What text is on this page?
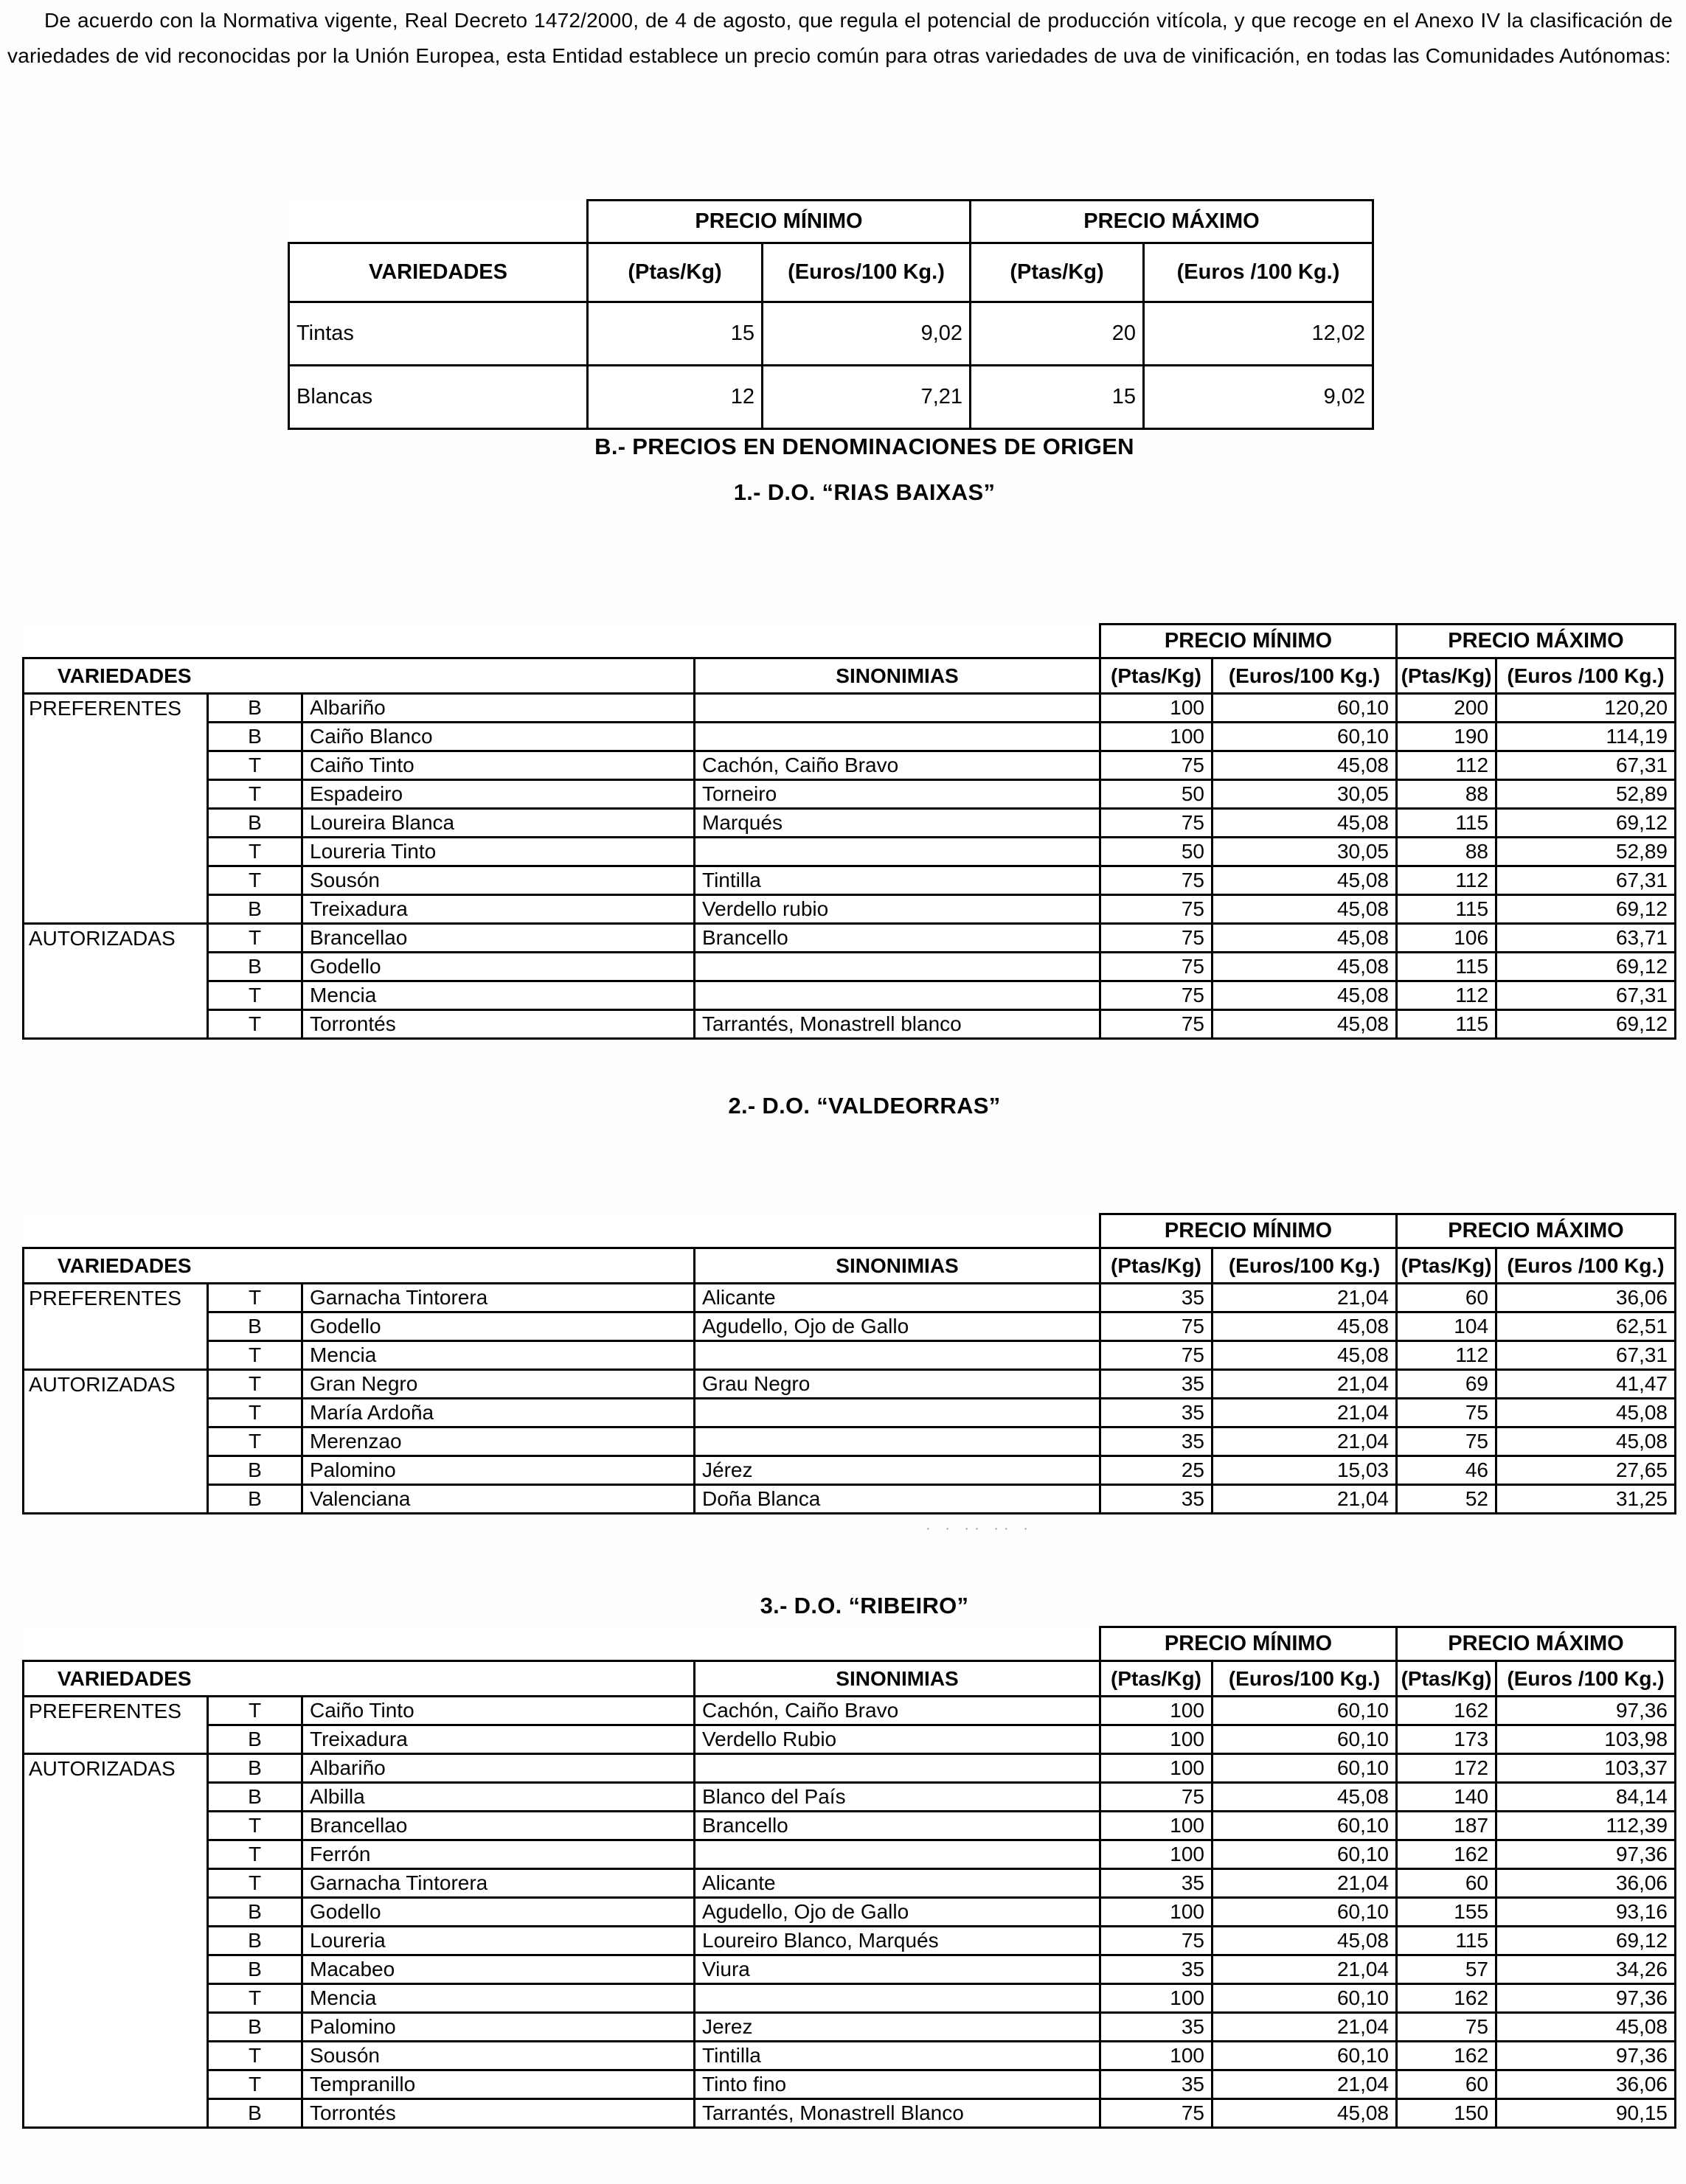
De acuerdo con la Normativa vigente, Real Decreto 1472/2000, de 4 de agosto, que regula el potencial de producción vitícola, y que recoge en el Anexo IV la clasificación de variedades de vid reconocidas por la Unión Europea, esta Entidad establece un precio común para otras variedades de uva de vinificación, en todas las Comunidades Autónomas:

	PRECIO MÍNIMO		PRECIO MÁXIMO	
VARIEDADES	(Ptas/Kg)	(Euros/100 Kg.)	(Ptas/Kg)	(Euros /100 Kg.)
Tintas	15	9,02	20	12,02
Blancas	12	7,21	15	9,02
B.- PRECIOS EN DENOMINACIONES DE ORIGEN
1.- D.O. “RIAS BAIXAS”
				PRECIO MÍNIMO		PRECIO MÁXIMO	
VARIEDADES			SINONIMIAS	(Ptas/Kg)	(Euros/100 Kg.)	(Ptas/Kg)	(Euros /100 Kg.)
PREFERENTES	B	Albariño		100	60,10	200	120,20
	B	Caiño Blanco		100	60,10	190	114,19
	T	Caiño Tinto	Cachón, Caiño Bravo	75	45,08	112	67,31
	T	Espadeiro	Torneiro	50	30,05	88	52,89
	B	Loureira Blanca	Marqués	75	45,08	115	69,12
	T	Loureria Tinto		50	30,05	88	52,89
	T	Sousón	Tintilla	75	45,08	112	67,31
	B	Treixadura	Verdello rubio	75	45,08	115	69,12
AUTORIZADAS	T	Brancellao	Brancello	75	45,08	106	63,71
	B	Godello		75	45,08	115	69,12
	T	Mencia		75	45,08	112	67,31
	T	Torrontés	Tarrantés, Monastrell blanco	75	45,08	115	69,12
2.- D.O. “VALDEORRAS”
				PRECIO MÍNIMO		PRECIO MÁXIMO	
VARIEDADES			SINONIMIAS	(Ptas/Kg)	(Euros/100 Kg.)	(Ptas/Kg)	(Euros /100 Kg.)
PREFERENTES	T	Garnacha Tintorera	Alicante	35	21,04	60	36,06
	B	Godello	Agudello, Ojo de Gallo	75	45,08	104	62,51
	T	Mencia		75	45,08	112	67,31
AUTORIZADAS	T	Gran Negro	Grau Negro	35	21,04	69	41,47
	T	María Ardoña		35	21,04	75	45,08
	T	Merenzao		35	21,04	75	45,08
	B	Palomino	Jérez	25	15,03	46	27,65
	B	Valenciana	Doña Blanca	35	21,04	52	31,25
· · ·· ·· ·
3.- D.O. “RIBEIRO”
				PRECIO MÍNIMO		PRECIO MÁXIMO	
VARIEDADES			SINONIMIAS	(Ptas/Kg)	(Euros/100 Kg.)	(Ptas/Kg)	(Euros /100 Kg.)
PREFERENTES	T	Caiño Tinto	Cachón, Caiño Bravo	100	60,10	162	97,36
	B	Treixadura	Verdello Rubio	100	60,10	173	103,98
AUTORIZADAS	B	Albariño		100	60,10	172	103,37
	B	Albilla	Blanco del País	75	45,08	140	84,14
	T	Brancellao	Brancello	100	60,10	187	112,39
	T	Ferrón		100	60,10	162	97,36
	T	Garnacha Tintorera	Alicante	35	21,04	60	36,06
	B	Godello	Agudello, Ojo de Gallo	100	60,10	155	93,16
	B	Loureria	Loureiro Blanco, Marqués	75	45,08	115	69,12
	B	Macabeo	Viura	35	21,04	57	34,26
	T	Mencia		100	60,10	162	97,36
	B	Palomino	Jerez	35	21,04	75	45,08
	T	Sousón	Tintilla	100	60,10	162	97,36
	T	Tempranillo	Tinto fino	35	21,04	60	36,06
	B	Torrontés	Tarrantés, Monastrell Blanco	75	45,08	150	90,15
